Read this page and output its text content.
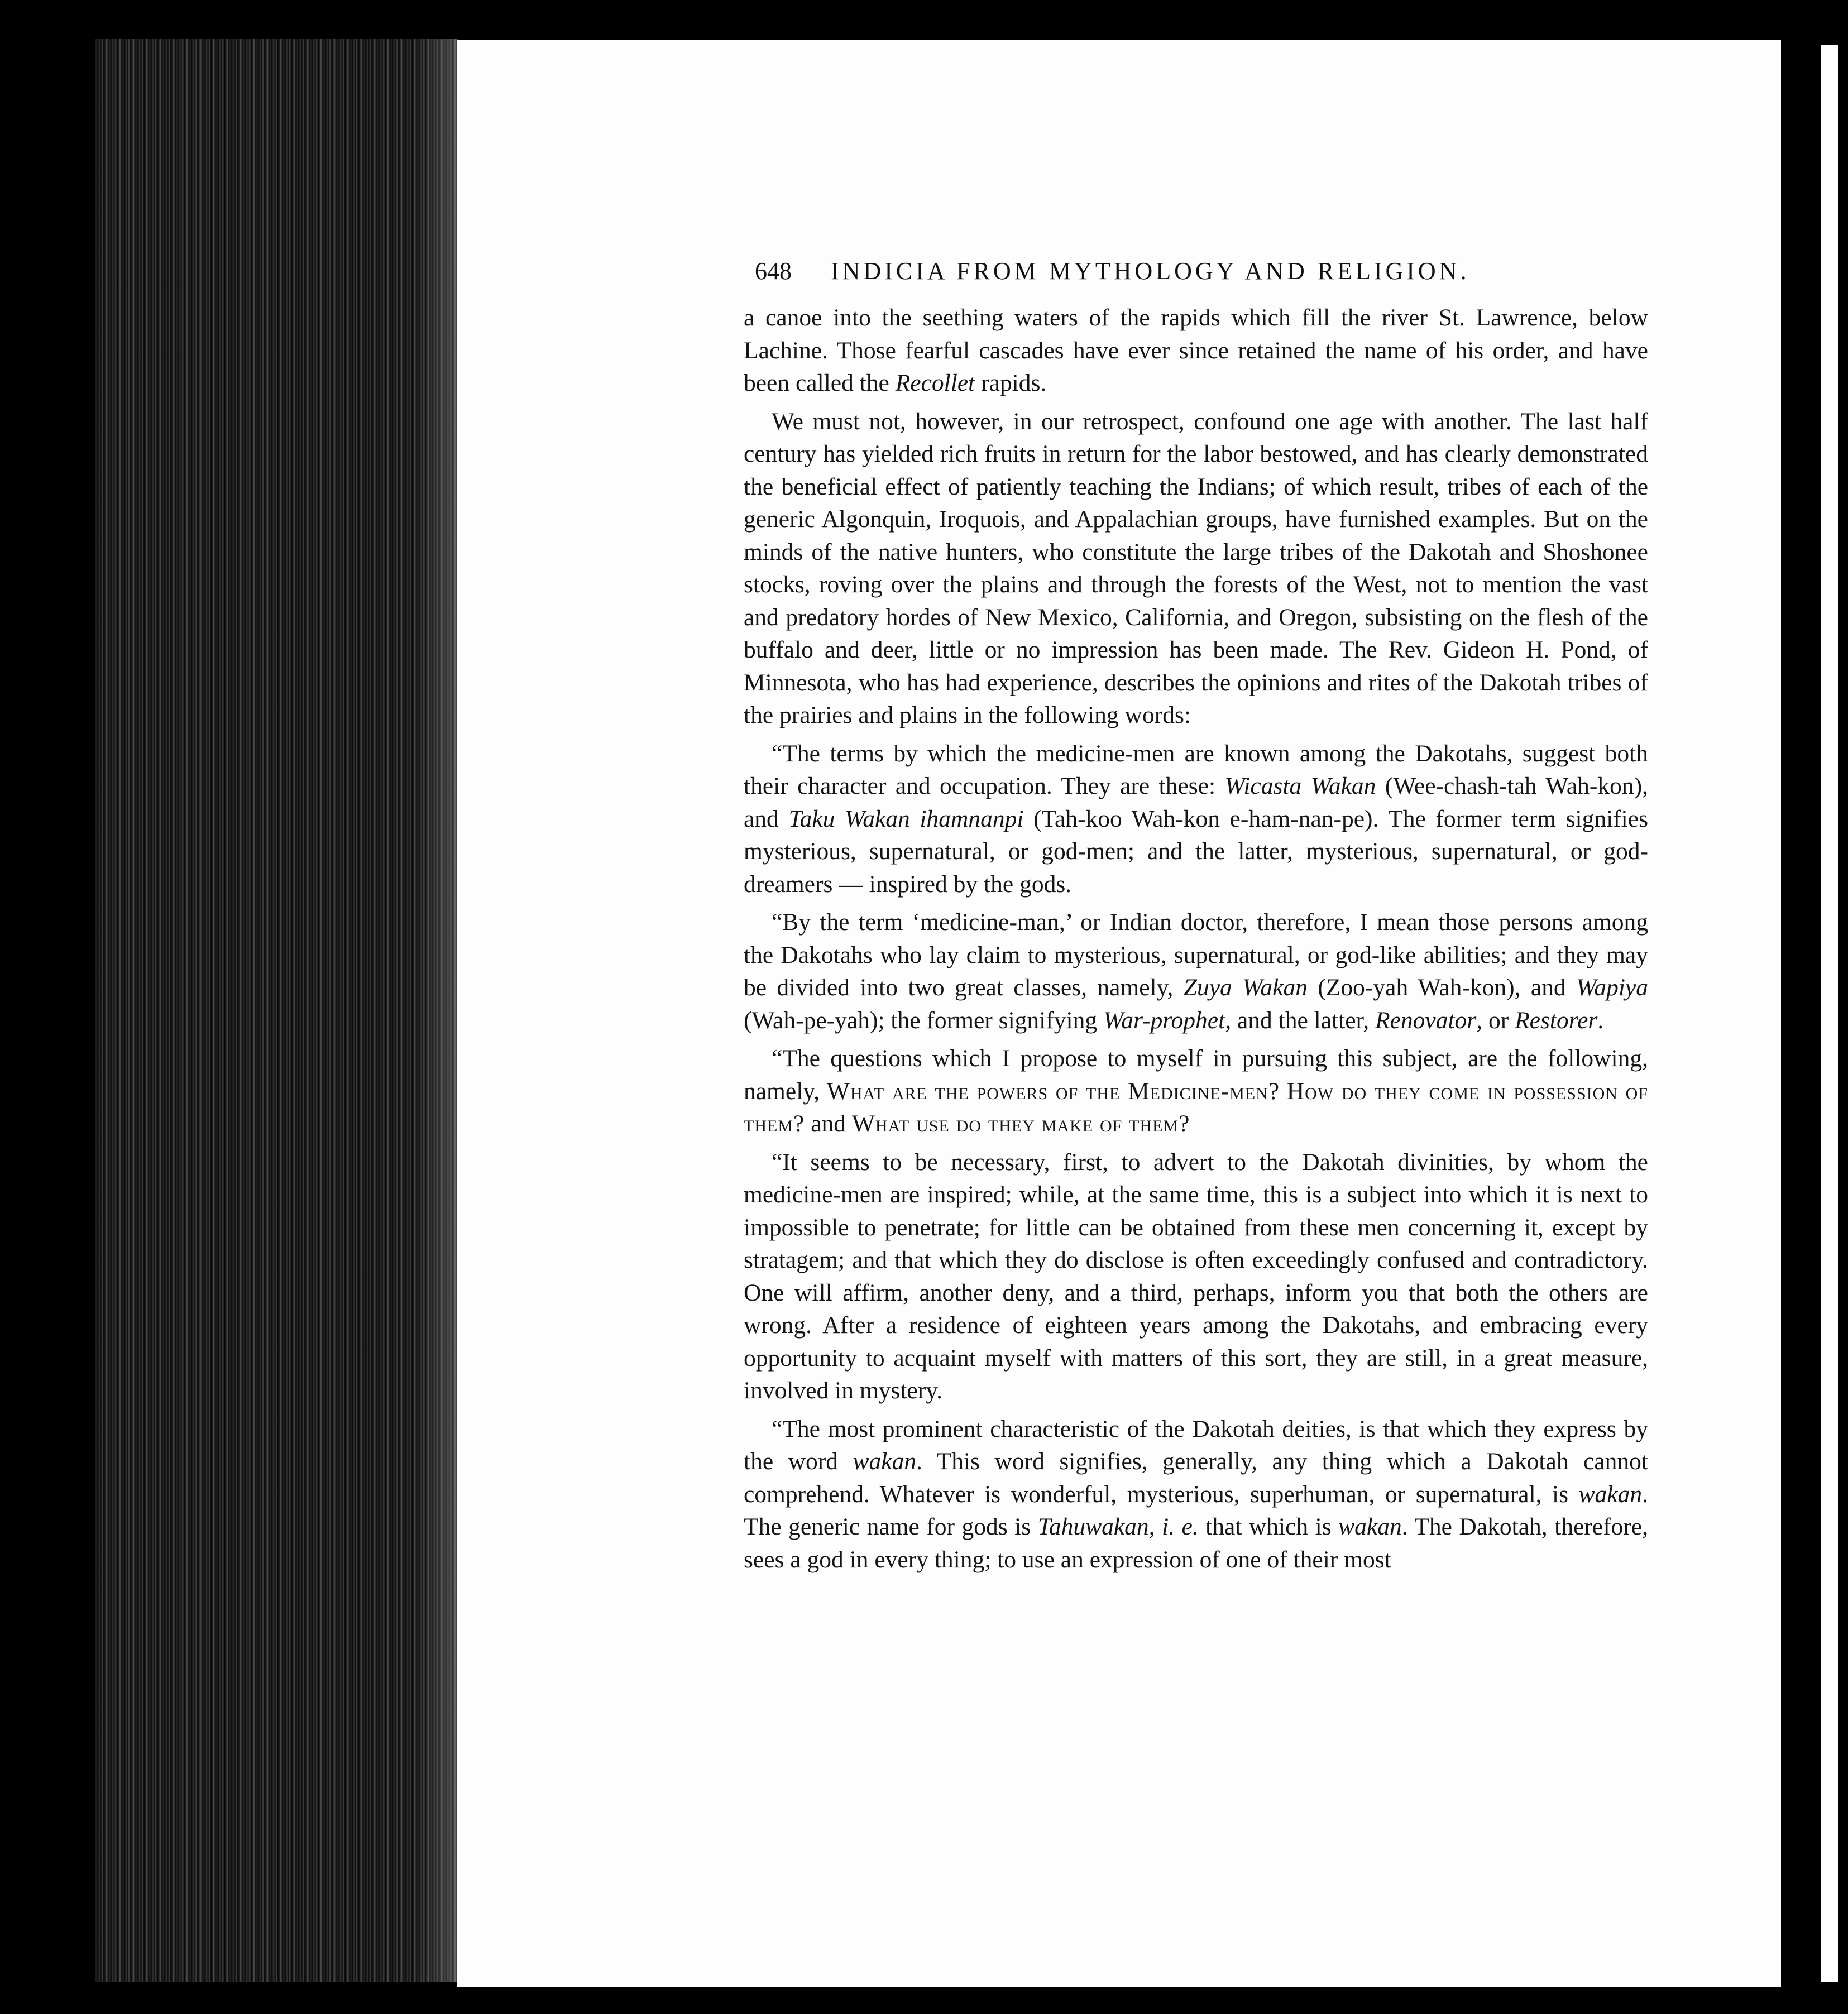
648 INDICIA FROM MYTHOLOGY AND RELIGION.

a canoe into the seething waters of the rapids which fill the river St. Lawrence, below Lachine. Those fearful cascades have ever since retained the name of his order, and have been called the Recollet rapids.

We must not, however, in our retrospect, confound one age with another. The last half century has yielded rich fruits in return for the labor bestowed, and has clearly demonstrated the beneficial effect of patiently teaching the Indians; of which result, tribes of each of the generic Algonquin, Iroquois, and Appalachian groups, have furnished examples. But on the minds of the native hunters, who constitute the large tribes of the Dakotah and Shoshonee stocks, roving over the plains and through the forests of the West, not to mention the vast and predatory hordes of New Mexico, California, and Oregon, subsisting on the flesh of the buffalo and deer, little or no impression has been made. The Rev. Gideon H. Pond, of Minnesota, who has had experience, describes the opinions and rites of the Dakotah tribes of the prairies and plains in the following words:

“The terms by which the medicine-men are known among the Dakotahs, suggest both their character and occupation. They are these: Wicasta Wakan (Wee-chash-tah Wah-kon), and Taku Wakan ihamnanpi (Tah-koo Wah-kon e-ham-nan-pe). The former term signifies mysterious, supernatural, or god-men; and the latter, mysterious, supernatural, or god-dreamers — inspired by the gods.

“By the term ‘medicine-man,’ or Indian doctor, therefore, I mean those persons among the Dakotahs who lay claim to mysterious, supernatural, or god-like abilities; and they may be divided into two great classes, namely, Zuya Wakan (Zoo-yah Wah-kon), and Wapiya (Wah-pe-yah); the former signifying War-prophet, and the latter, Renovator, or Restorer.

“The questions which I propose to myself in pursuing this subject, are the following, namely, What are the powers of the Medicine-men? How do they come in possession of them? and What use do they make of them?

“It seems to be necessary, first, to advert to the Dakotah divinities, by whom the medicine-men are inspired; while, at the same time, this is a subject into which it is next to impossible to penetrate; for little can be obtained from these men concerning it, except by stratagem; and that which they do disclose is often exceedingly confused and contradictory. One will affirm, another deny, and a third, perhaps, inform you that both the others are wrong. After a residence of eighteen years among the Dakotahs, and embracing every opportunity to acquaint myself with matters of this sort, they are still, in a great measure, involved in mystery.

“The most prominent characteristic of the Dakotah deities, is that which they express by the word wakan. This word signifies, generally, any thing which a Dakotah cannot comprehend. Whatever is wonderful, mysterious, superhuman, or supernatural, is wakan. The generic name for gods is Tahuwakan, i. e. that which is wakan. The Dakotah, therefore, sees a god in every thing; to use an expression of one of their most
